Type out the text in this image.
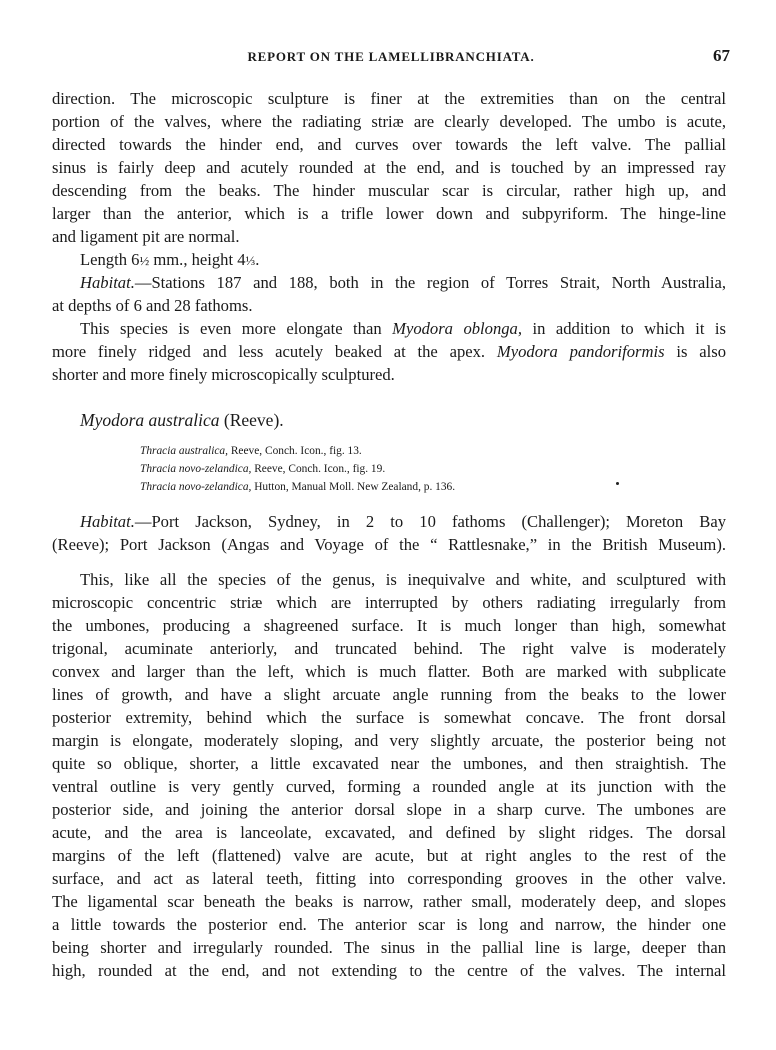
REPORT ON THE LAMELLIBRANCHIATA.	67
direction. The microscopic sculpture is finer at the extremities than on the central
portion of the valves, where the radiating striæ are clearly developed. The umbo is acute,
directed towards the hinder end, and curves over towards the left valve. The pallial
sinus is fairly deep and acutely rounded at the end, and is touched by an impressed ray
descending from the beaks. The hinder muscular scar is circular, rather high up, and
larger than the anterior, which is a trifle lower down and subpyriform. The hinge-line
and ligament pit are normal.
Length 6½ mm., height 4⅓.
Habitat.—Stations 187 and 188, both in the region of Torres Strait, North Australia,
at depths of 6 and 28 fathoms.
This species is even more elongate than Myodora oblonga, in addition to which it is
more finely ridged and less acutely beaked at the apex. Myodora pandoriformis is also
shorter and more finely microscopically sculptured.
Myodora australica (Reeve).
Thracia australica, Reeve, Conch. Icon., fig. 13.
Thracia novo-zelandica, Reeve, Conch. Icon., fig. 19.
Thracia novo-zelandica, Hutton, Manual Moll. New Zealand, p. 136.
Habitat.—Port Jackson, Sydney, in 2 to 10 fathoms (Challenger); Moreton Bay
(Reeve); Port Jackson (Angas and Voyage of the “ Rattlesnake,” in the British Museum).
This, like all the species of the genus, is inequivalve and white, and sculptured with
microscopic concentric striæ which are interrupted by others radiating irregularly from
the umbones, producing a shagreened surface. It is much longer than high, somewhat
trigonal, acuminate anteriorly, and truncated behind. The right valve is moderately
convex and larger than the left, which is much flatter. Both are marked with subplicate
lines of growth, and have a slight arcuate angle running from the beaks to the lower
posterior extremity, behind which the surface is somewhat concave. The front dorsal
margin is elongate, moderately sloping, and very slightly arcuate, the posterior being not
quite so oblique, shorter, a little excavated near the umbones, and then straightish. The
ventral outline is very gently curved, forming a rounded angle at its junction with the
posterior side, and joining the anterior dorsal slope in a sharp curve. The umbones are
acute, and the area is lanceolate, excavated, and defined by slight ridges. The dorsal
margins of the left (flattened) valve are acute, but at right angles to the rest of the
surface, and act as lateral teeth, fitting into corresponding grooves in the other valve.
The ligamental scar beneath the beaks is narrow, rather small, moderately deep, and slopes
a little towards the posterior end. The anterior scar is long and narrow, the hinder one
being shorter and irregularly rounded. The sinus in the pallial line is large, deeper than
high, rounded at the end, and not extending to the centre of the valves. The internal
